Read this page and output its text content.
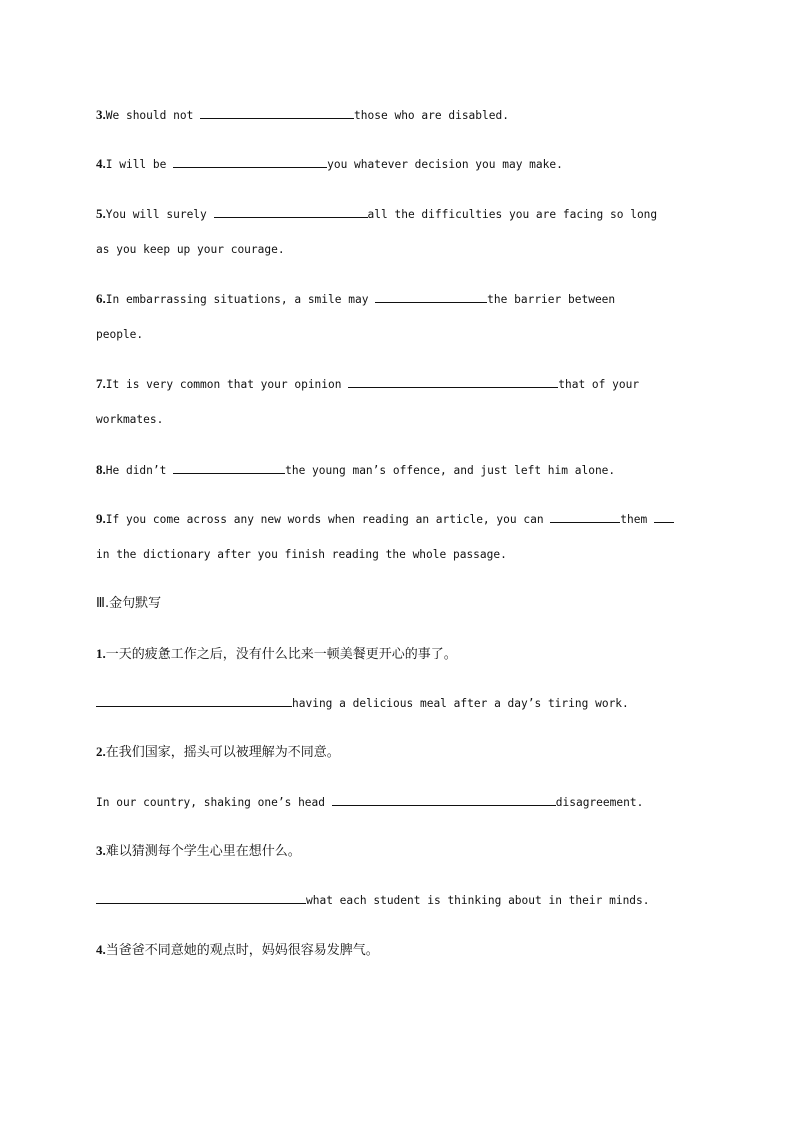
3.We should not	those who are disabled.
4.I will be	you whatever decision you may make.
5.You will surely	all the difficulties you are facing so long
as you keep up your courage.
6.In embarrassing situations, a smile may	the barrier between
people.
7.It is very common that your opinion	that of your
workmates.
8.He didn’t	the young man’s offence, and just left him alone.
9.If you come across any new words when reading an article, you can	them
in the dictionary after you finish reading the whole passage.
Ⅲ.金句默写
1.一天的疲惫工作之后，没有什么比来一顿美餐更开心的事了。
having a delicious meal after a day’s tiring work.
2.在我们国家，摇头可以被理解为不同意。
In our country, shaking one’s head	disagreement.
3.难以猜测每个学生心里在想什么。
what each student is thinking about in their minds.
4.当爸爸不同意她的观点时，妈妈很容易发脾气。
